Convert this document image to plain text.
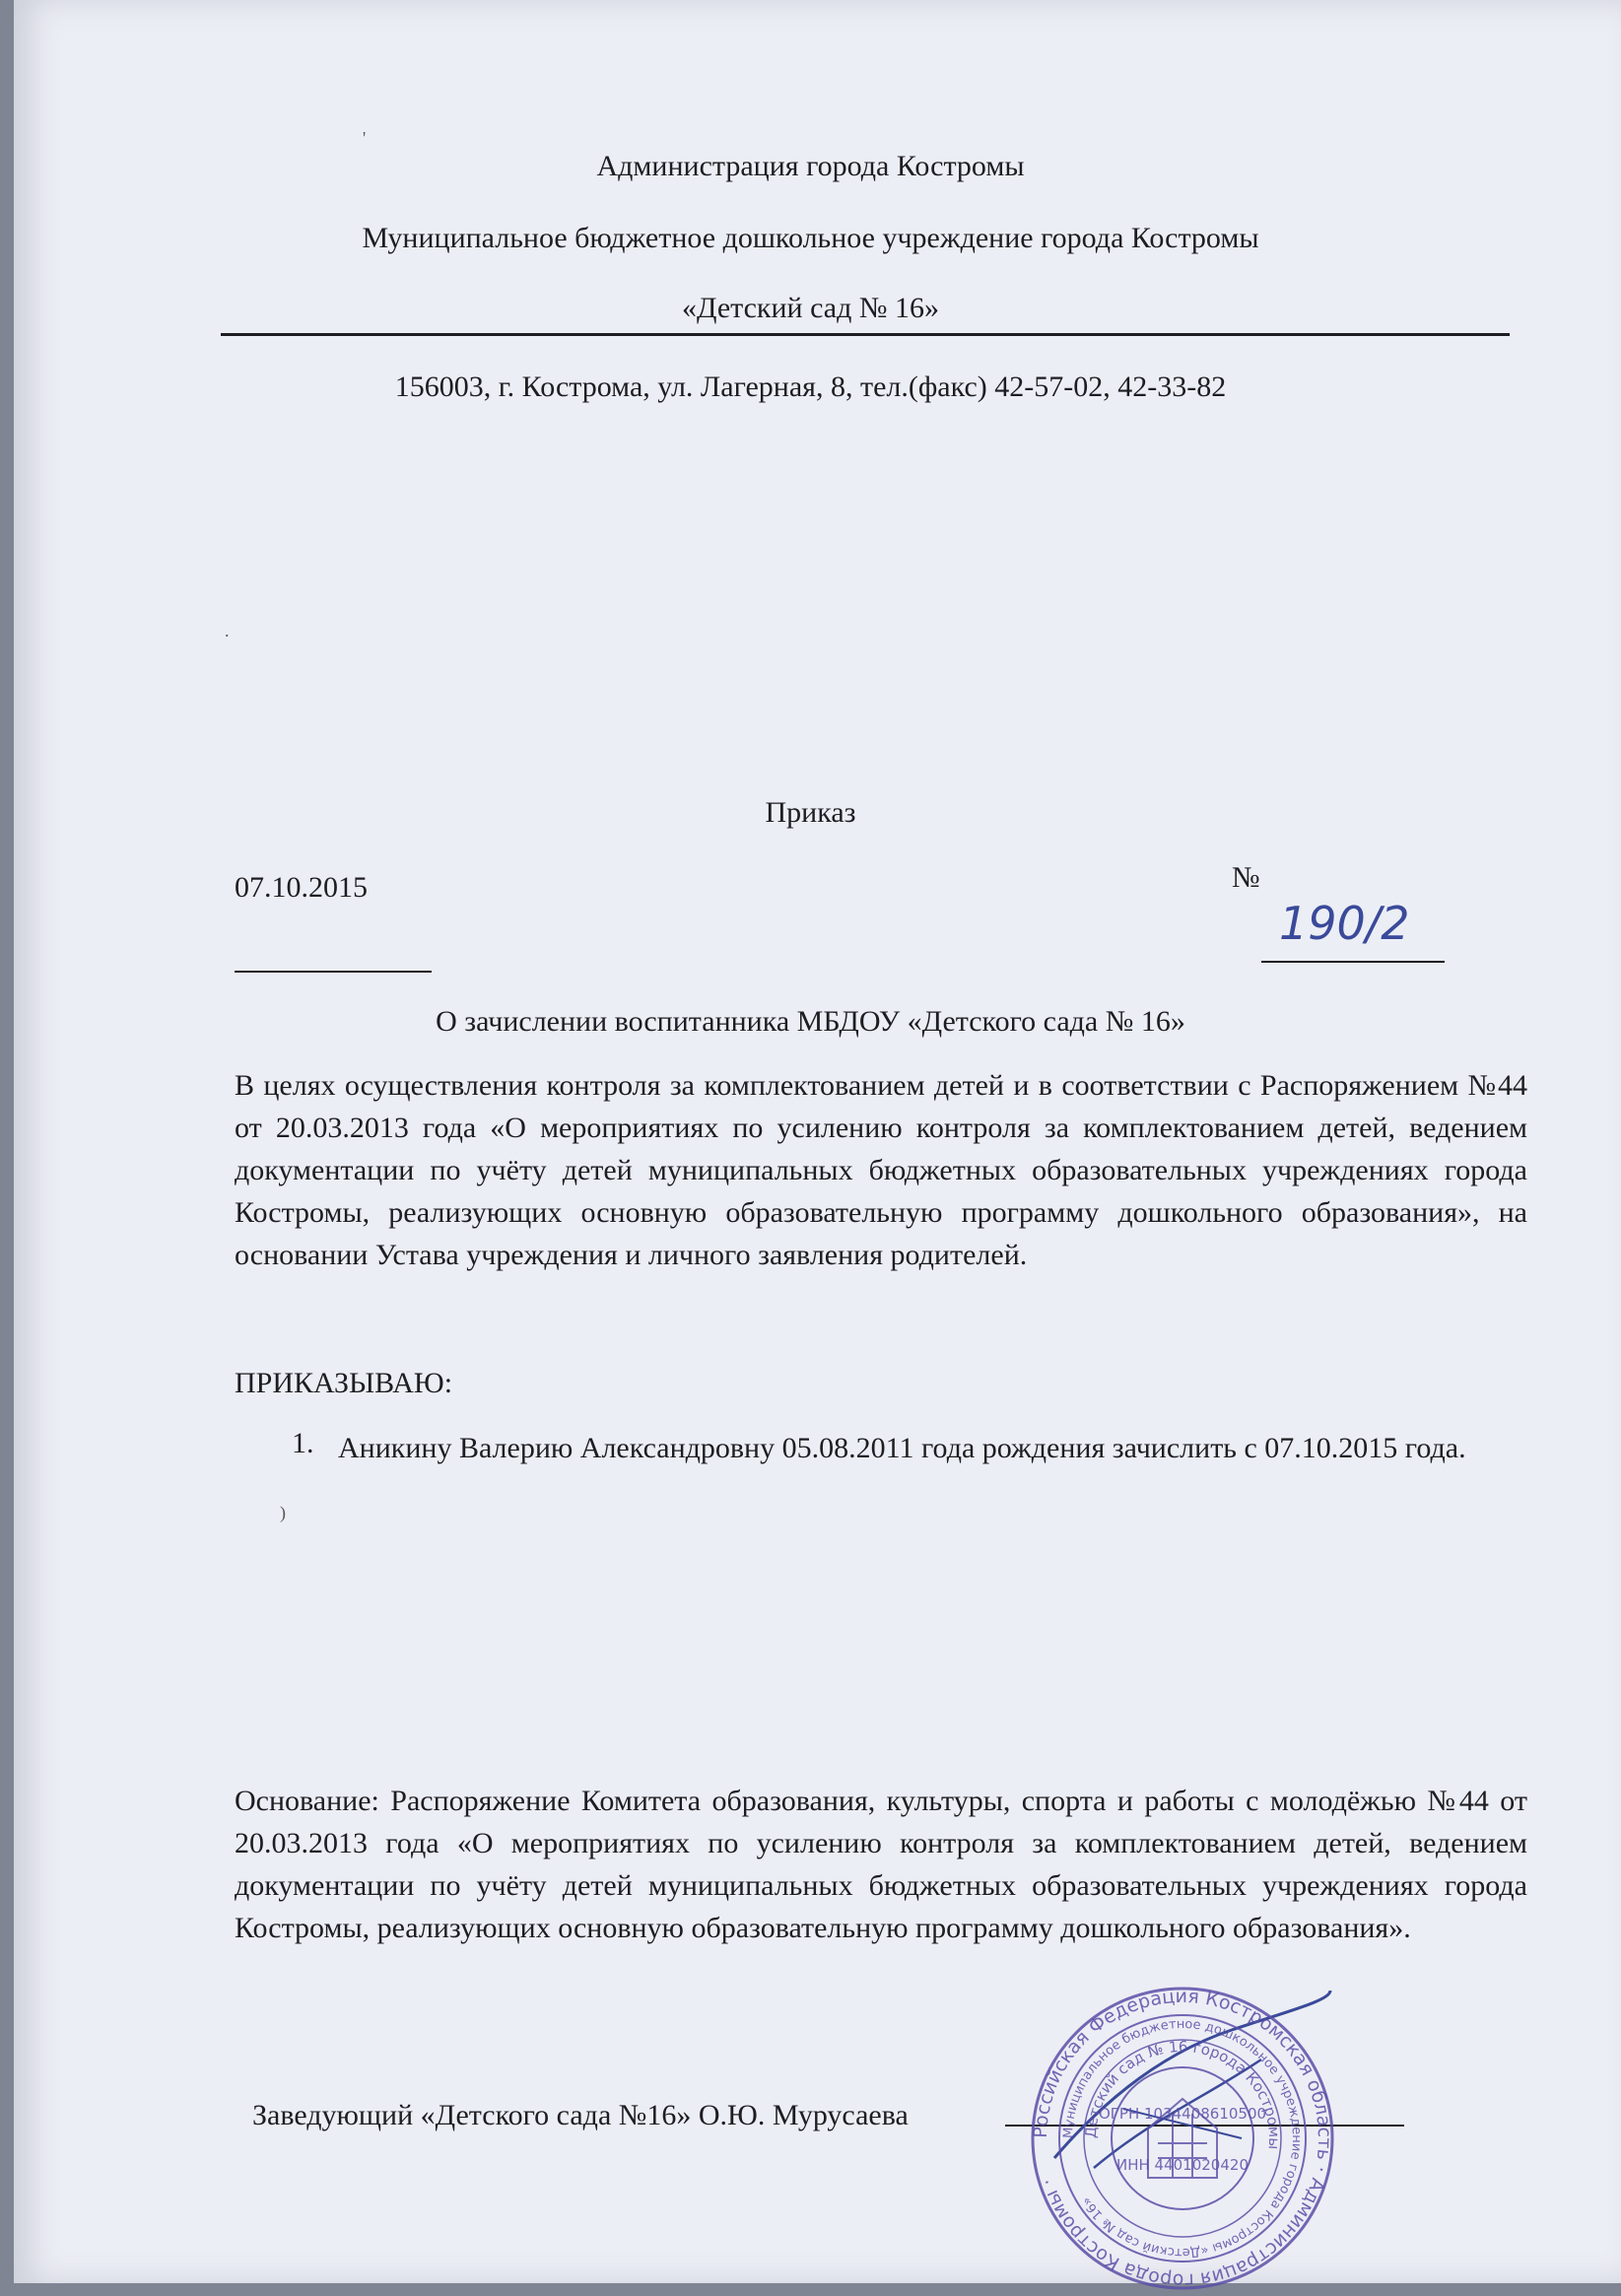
Администрация города Костромы
Муниципальное бюджетное дошкольное учреждение города Костромы
«Детский сад № 16»
156003, г. Кострома, ул. Лагерная, 8, тел.(факс) 42-57-02, 42-33-82
Приказ
07.10.2015	№
190/2
О зачислении воспитанника МБДОУ «Детского сада № 16»
В целях осуществления контроля за комплектованием детей и в соответствии с Распоряжением №44 от 20.03.2013 года «О мероприятиях по усилению контроля за комплектованием детей, ведением документации по учёту детей муниципальных бюджетных образовательных учреждениях города Костромы, реализующих основную образовательную программу дошкольного образования», на основании Устава учреждения и личного заявления родителей.
ПРИКАЗЫВАЮ:
1. Аникину Валерию Александровну 05.08.2011 года рождения зачислить с 07.10.2015 года.
Основание: Распоряжение Комитета образования, культуры, спорта и работы с молодёжью №44 от 20.03.2013 года «О мероприятиях по усилению контроля за комплектованием детей, ведением документации по учёту детей муниципальных бюджетных образовательных учреждениях города Костромы, реализующих основную образовательную программу дошкольного образования».
Заведующий «Детского сада №16» О.Ю. Мурусаева
Российская Федерация Костромская область · Администрация города Костромы ·
Муниципальное бюджетное дошкольное учреждение города Костромы «Детский сад № 16»
Детский сад № 16 города Костромы
ОГРН 1034408610500
ИНН 4401020420
'
.
)
